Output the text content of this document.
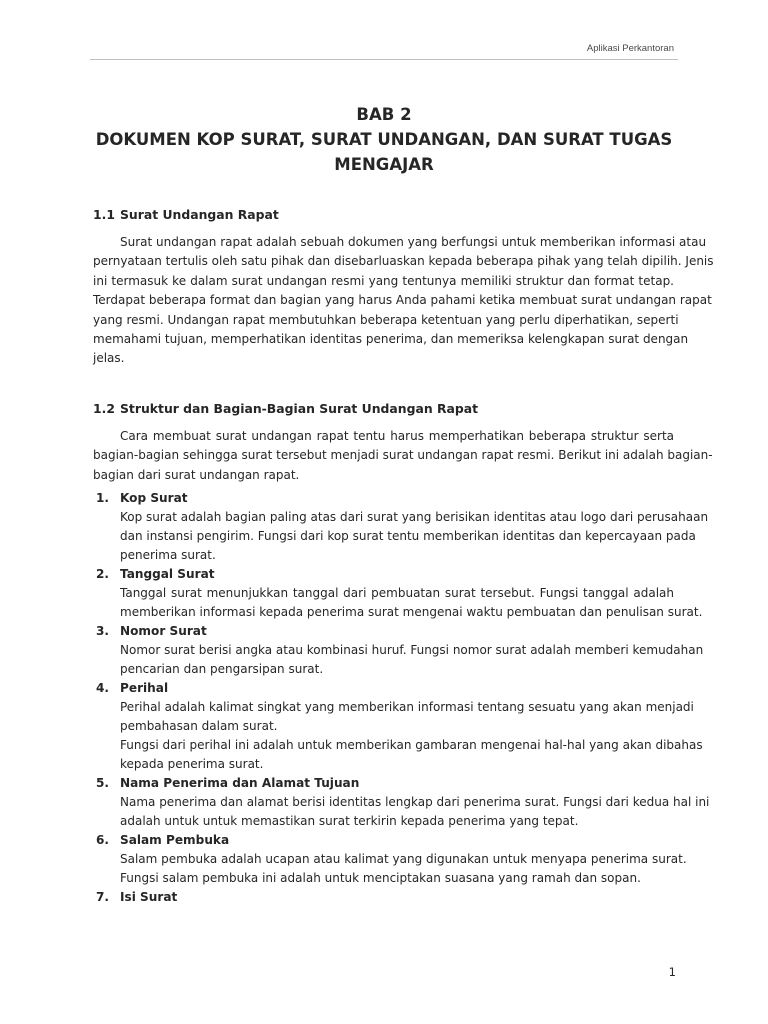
Aplikasi Perkantoran
BAB 2
DOKUMEN KOP SURAT, SURAT UNDANGAN, DAN SURAT TUGAS
MENGAJAR
1.1 Surat Undangan Rapat
Surat undangan rapat adalah sebuah dokumen yang berfungsi untuk memberikan informasi atau
pernyataan tertulis oleh satu pihak dan disebarluaskan kepada beberapa pihak yang telah dipilih. Jenis
ini termasuk ke dalam surat undangan resmi yang tentunya memiliki struktur dan format tetap.
Terdapat beberapa format dan bagian yang harus Anda pahami ketika membuat surat undangan rapat
yang resmi. Undangan rapat membutuhkan beberapa ketentuan yang perlu diperhatikan, seperti
memahami tujuan, memperhatikan identitas penerima, dan memeriksa kelengkapan surat dengan
jelas.
1.2 Struktur dan Bagian-Bagian Surat Undangan Rapat
Cara membuat surat undangan rapat tentu harus memperhatikan beberapa struktur serta
bagian-bagian sehingga surat tersebut menjadi surat undangan rapat resmi. Berikut ini adalah bagian-
bagian dari surat undangan rapat.
1. Kop Surat
Kop surat adalah bagian paling atas dari surat yang berisikan identitas atau logo dari perusahaan
dan instansi pengirim. Fungsi dari kop surat tentu memberikan identitas dan kepercayaan pada
penerima surat.
2. Tanggal Surat
Tanggal surat menunjukkan tanggal dari pembuatan surat tersebut. Fungsi tanggal adalah
memberikan informasi kepada penerima surat mengenai waktu pembuatan dan penulisan surat.
3. Nomor Surat
Nomor surat berisi angka atau kombinasi huruf. Fungsi nomor surat adalah memberi kemudahan
pencarian dan pengarsipan surat.
4. Perihal
Perihal adalah kalimat singkat yang memberikan informasi tentang sesuatu yang akan menjadi
pembahasan dalam surat.
Fungsi dari perihal ini adalah untuk memberikan gambaran mengenai hal-hal yang akan dibahas
kepada penerima surat.
5. Nama Penerima dan Alamat Tujuan
Nama penerima dan alamat berisi identitas lengkap dari penerima surat. Fungsi dari kedua hal ini
adalah untuk untuk memastikan surat terkirin kepada penerima yang tepat.
6. Salam Pembuka
Salam pembuka adalah ucapan atau kalimat yang digunakan untuk menyapa penerima surat.
Fungsi salam pembuka ini adalah untuk menciptakan suasana yang ramah dan sopan.
7. Isi Surat
1
